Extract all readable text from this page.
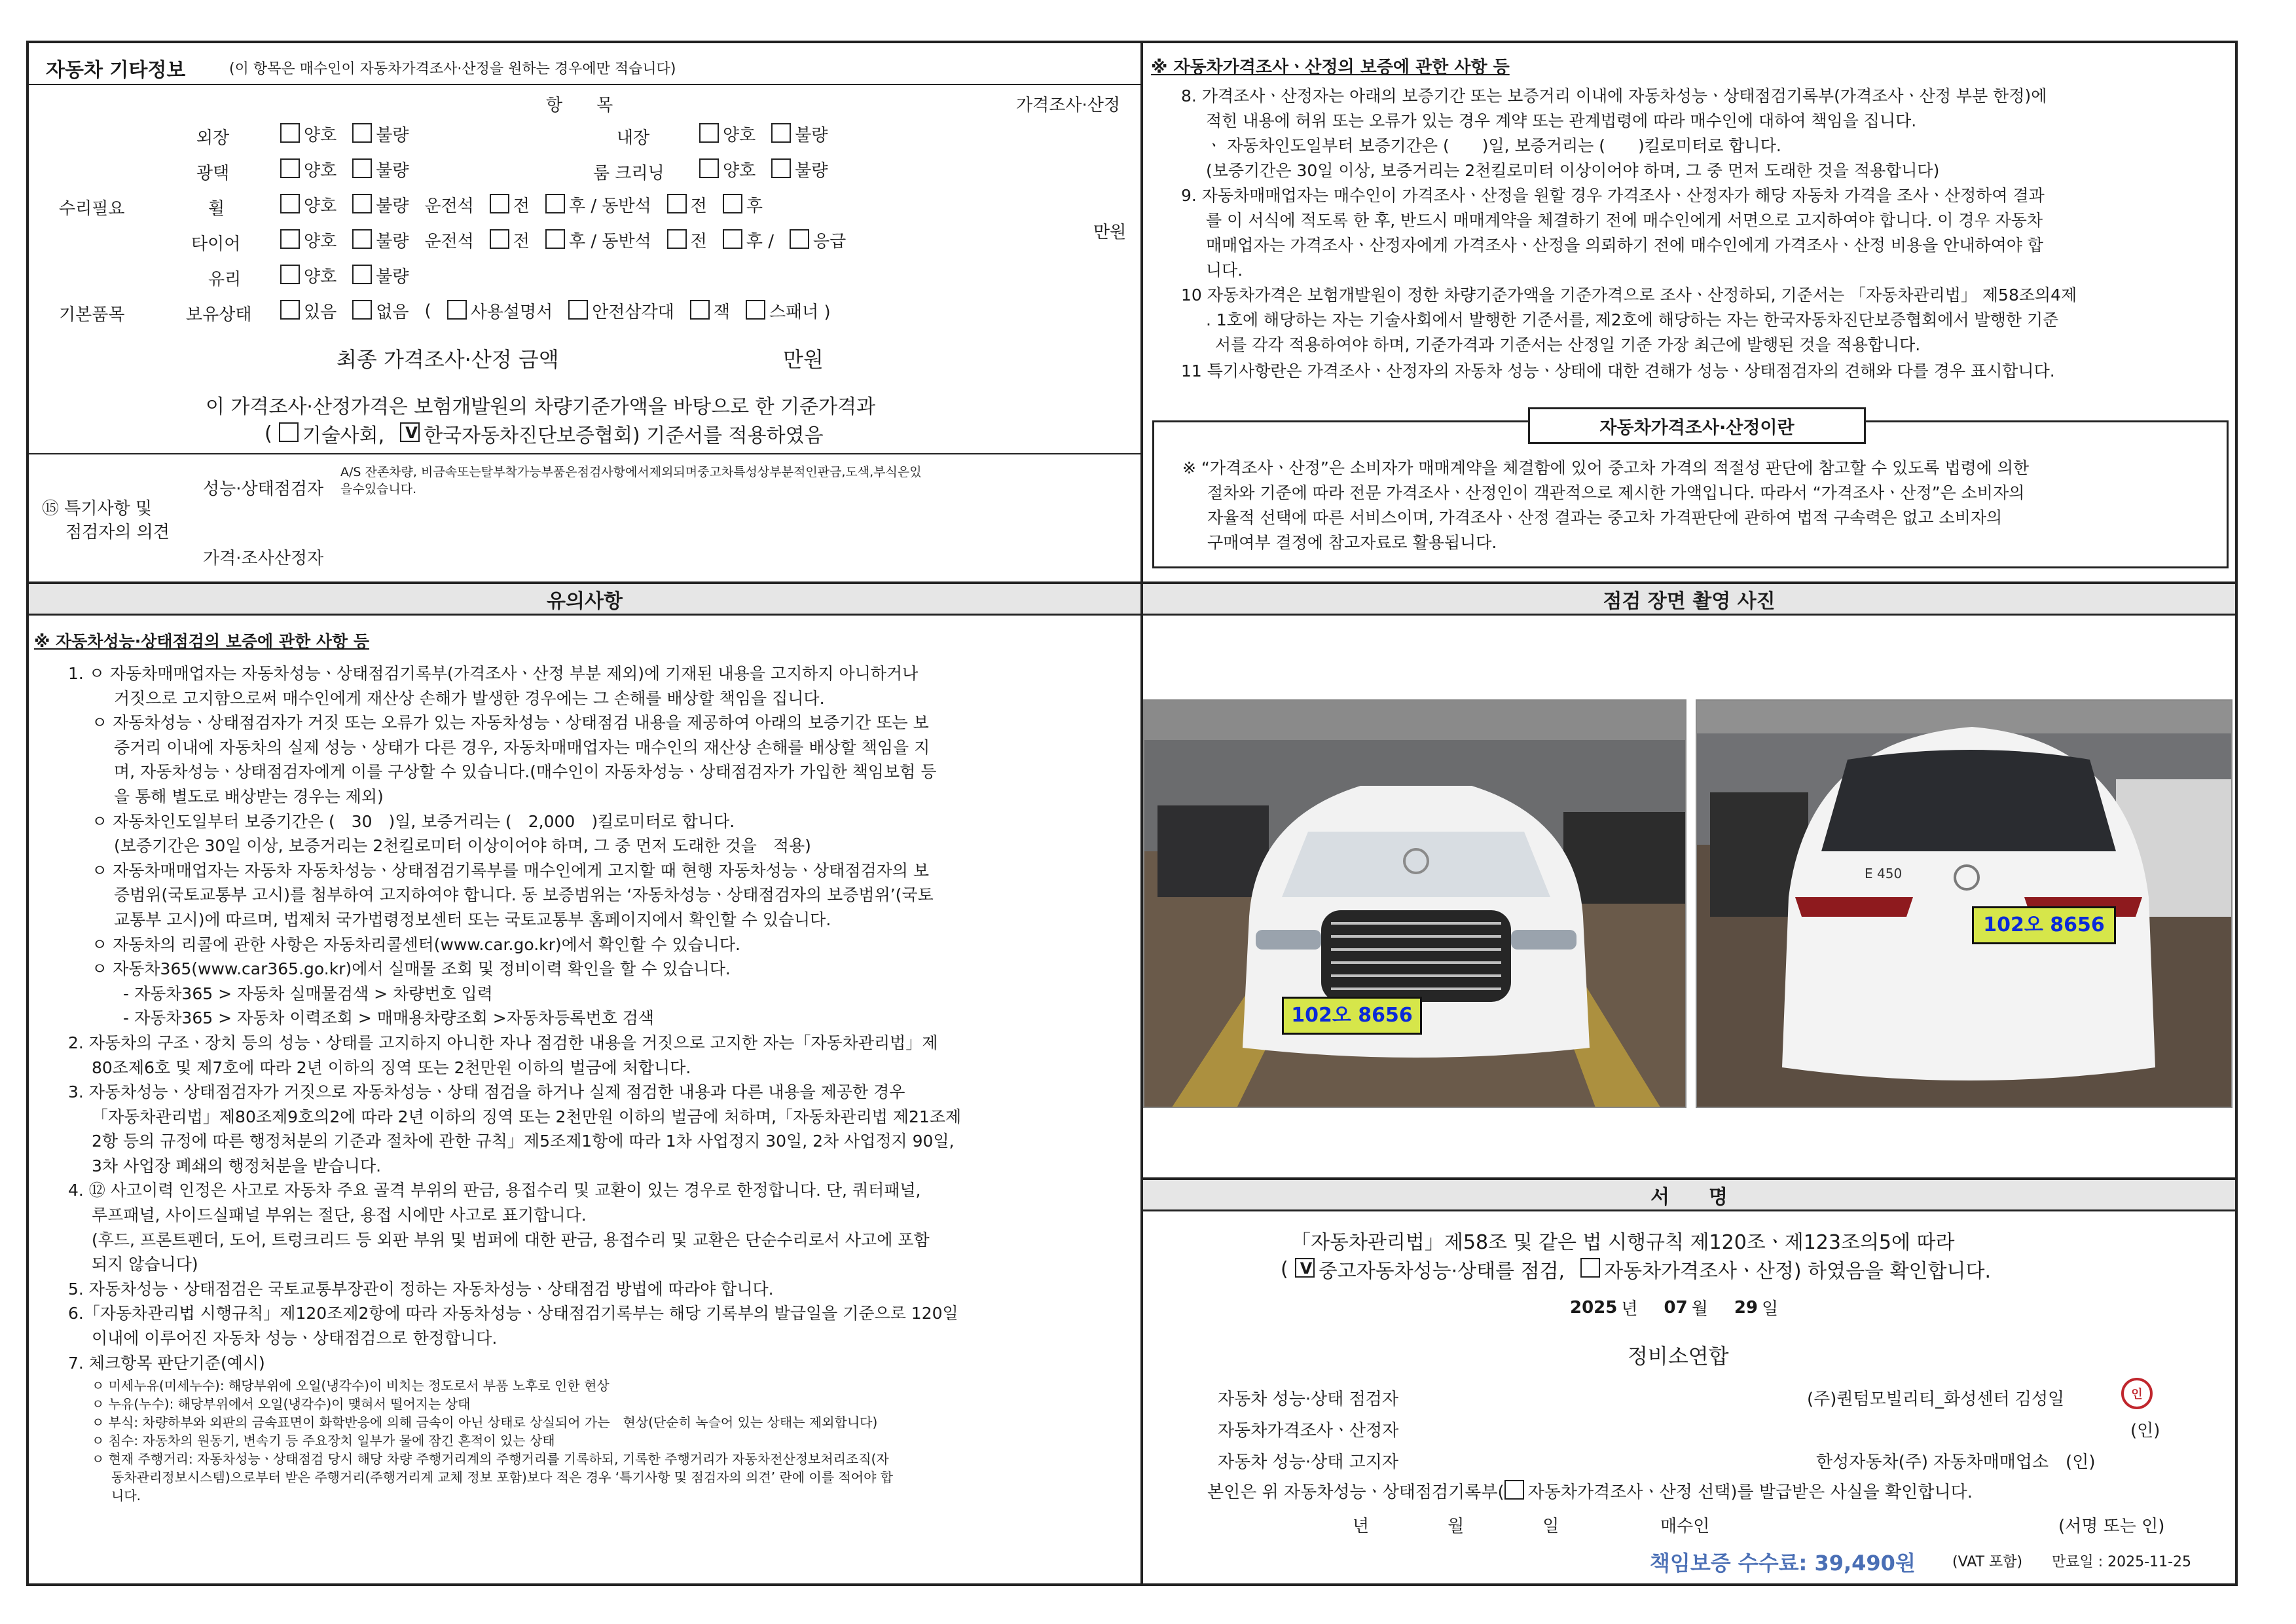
자동차 기타정보	(이 항목은 매수인이 자동차가격조사·산정을 원하는 경우에만 적습니다)
항　　목	가격조사·산정
외장	양호 불량	내장	양호 불량
광택	양호 불량	룸 크리닝	양호 불량
수리필요	휠	양호 불량 운전석 전 후 / 동반석 전 후
타이어	양호 불량 운전석 전 후 / 동반석 전 후 / 응급	만원
유리	양호 불량
기본품목	보유상태	있음 없음 ( 사용설명서 안전삼각대 잭 스패너 )
최종 가격조사·산정 금액	만원
이 가격조사·산정가격은 보험개발원의 차량기준가액을 바탕으로 한 기준가격과
( 기술사회, V 한국자동차진단보증협회) 기준서를 적용하였음
⑮ 특기사항 및
점검자의 의견
성능·상태점검자
A/S 잔존차량, 비금속또는탈부착가능부품은점검사항에서제외되며중고차특성상부분적인판금,도색,부식은있
을수있습니다.
가격·조사산정자
※ 자동차가격조사ㆍ산정의 보증에 관한 사항 등
8. 가격조사ㆍ산정자는 아래의 보증기간 또는 보증거리 이내에 자동차성능ㆍ상태점검기록부(가격조사ㆍ산정 부분 한정)에
적힌 내용에 허위 또는 오류가 있는 경우 계약 또는 관계법령에 따라 매수인에 대하여 책임을 집니다.
ㆍ 자동차인도일부터 보증기간은 (　　)일, 보증거리는 (　　)킬로미터로 합니다.
(보증기간은 30일 이상, 보증거리는 2천킬로미터 이상이어야 하며, 그 중 먼저 도래한 것을 적용합니다)
9. 자동차매매업자는 매수인이 가격조사ㆍ산정을 원할 경우 가격조사ㆍ산정자가 해당 자동차 가격을 조사ㆍ산정하여 결과
를 이 서식에 적도록 한 후, 반드시 매매계약을 체결하기 전에 매수인에게 서면으로 고지하여야 합니다. 이 경우 자동차
매매업자는 가격조사ㆍ산정자에게 가격조사ㆍ산정을 의뢰하기 전에 매수인에게 가격조사ㆍ산정 비용을 안내하여야 합
니다.
10 자동차가격은 보험개발원이 정한 차량기준가액을 기준가격으로 조사ㆍ산정하되, 기준서는 「자동차관리법」 제58조의4제
. 1호에 해당하는 자는 기술사회에서 발행한 기준서를, 제2호에 해당하는 자는 한국자동차진단보증협회에서 발행한 기준
서를 각각 적용하여야 하며, 기준가격과 기준서는 산정일 기준 가장 최근에 발행된 것을 적용합니다.
11 특기사항란은 가격조사ㆍ산정자의 자동차 성능ㆍ상태에 대한 견해가 성능ㆍ상태점검자의 견해와 다를 경우 표시합니다.
자동차가격조사·산정이란
※ “가격조사ㆍ산정”은 소비자가 매매계약을 체결함에 있어 중고차 가격의 적절성 판단에 참고할 수 있도록 법령에 의한
절차와 기준에 따라 전문 가격조사ㆍ산정인이 객관적으로 제시한 가액입니다. 따라서 “가격조사ㆍ산정”은 소비자의
자율적 선택에 따른 서비스이며, 가격조사ㆍ산정 결과는 중고차 가격판단에 관하여 법적 구속력은 없고 소비자의
구매여부 결정에 참고자료로 활용됩니다.
유의사항
※ 자동차성능·상태점검의 보증에 관한 사항 등
1. ㅇ 자동차매매업자는 자동차성능ㆍ상태점검기록부(가격조사ㆍ산정 부분 제외)에 기재된 내용을 고지하지 아니하거나
거짓으로 고지함으로써 매수인에게 재산상 손해가 발생한 경우에는 그 손해를 배상할 책임을 집니다.
ㅇ 자동차성능ㆍ상태점검자가 거짓 또는 오류가 있는 자동차성능ㆍ상태점검 내용을 제공하여 아래의 보증기간 또는 보
증거리 이내에 자동차의 실제 성능ㆍ상태가 다른 경우, 자동차매매업자는 매수인의 재산상 손해를 배상할 책임을 지
며, 자동차성능ㆍ상태점검자에게 이를 구상할 수 있습니다.(매수인이 자동차성능ㆍ상태점검자가 가입한 책임보험 등
을 통해 별도로 배상받는 경우는 제외)
ㅇ 자동차인도일부터 보증기간은 (　30　)일, 보증거리는 (　2,000　)킬로미터로 합니다.
(보증기간은 30일 이상, 보증거리는 2천킬로미터 이상이어야 하며, 그 중 먼저 도래한 것을　적용)
ㅇ 자동차매매업자는 자동차 자동차성능ㆍ상태점검기록부를 매수인에게 고지할 때 현행 자동차성능ㆍ상태점검자의 보
증범위(국토교통부 고시)를 첨부하여 고지하여야 합니다. 동 보증범위는 ‘자동차성능ㆍ상태점검자의 보증범위’(국토
교통부 고시)에 따르며, 법제처 국가법령정보센터 또는 국토교통부 홈페이지에서 확인할 수 있습니다.
ㅇ 자동차의 리콜에 관한 사항은 자동차리콜센터(www.car.go.kr)에서 확인할 수 있습니다.
ㅇ 자동차365(www.car365.go.kr)에서 실매물 조회 및 정비이력 확인을 할 수 있습니다.
- 자동차365 > 자동차 실매물검색 > 차량번호 입력
- 자동차365 > 자동차 이력조회 > 매매용차량조회 >자동차등록번호 검색
2. 자동차의 구조ㆍ장치 등의 성능ㆍ상태를 고지하지 아니한 자나 점검한 내용을 거짓으로 고지한 자는「자동차관리법」제
80조제6호 및 제7호에 따라 2년 이하의 징역 또는 2천만원 이하의 벌금에 처합니다.
3. 자동차성능ㆍ상태점검자가 거짓으로 자동차성능ㆍ상태 점검을 하거나 실제 점검한 내용과 다른 내용을 제공한 경우
「자동차관리법」제80조제9호의2에 따라 2년 이하의 징역 또는 2천만원 이하의 벌금에 처하며,「자동차관리법 제21조제
2항 등의 규정에 따른 행정처분의 기준과 절차에 관한 규칙」제5조제1항에 따라 1차 사업정지 30일, 2차 사업정지 90일,
3차 사업장 폐쇄의 행정처분을 받습니다.
4. ⑫ 사고이력 인정은 사고로 자동차 주요 골격 부위의 판금, 용접수리 및 교환이 있는 경우로 한정합니다. 단, 쿼터패널,
루프패널, 사이드실패널 부위는 절단, 용접 시에만 사고로 표기합니다.
(후드, 프론트펜더, 도어, 트렁크리드 등 외판 부위 및 범퍼에 대한 판금, 용접수리 및 교환은 단순수리로서 사고에 포함
되지 않습니다)
5. 자동차성능ㆍ상태점검은 국토교통부장관이 정하는 자동차성능ㆍ상태점검 방법에 따라야 합니다.
6.「자동차관리법 시행규칙」제120조제2항에 따라 자동차성능ㆍ상태점검기록부는 해당 기록부의 발급일을 기준으로 120일
이내에 이루어진 자동차 성능ㆍ상태점검으로 한정합니다.
7. 체크항목 판단기준(예시)
ㅇ 미세누유(미세누수): 해당부위에 오일(냉각수)이 비치는 정도로서 부품 노후로 인한 현상
ㅇ 누유(누수): 해당부위에서 오일(냉각수)이 맺혀서 떨어지는 상태
ㅇ 부식: 차량하부와 외판의 금속표면이 화학반응에 의해 금속이 아닌 상태로 상실되어 가는　현상(단순히 녹슬어 있는 상태는 제외합니다)
ㅇ 침수: 자동차의 원동기, 변속기 등 주요장치 일부가 물에 잠긴 흔적이 있는 상태
ㅇ 현재 주행거리: 자동차성능ㆍ상태점검 당시 해당 차량 주행거리계의 주행거리를 기록하되, 기록한 주행거리가 자동차전산정보처리조직(자
동차관리정보시스템)으로부터 받은 주행거리(주행거리계 교체 정보 포함)보다 적은 경우 ‘특기사항 및 점검자의 의견’ 란에 이를 적어야 합
니다.
점검 장면 촬영 사진
102오 8656
E 450
102오 8656
서　　명
「자동차관리법」제58조 및 같은 법 시행규칙 제120조ㆍ제123조의5에 따라
( V 중고자동차성능·상태를 점검, 자동차가격조사ㆍ산정) 하였음을 확인합니다.
2025 년 07 월 29 일
정비소연합
자동차 성능·상태 점검자	(주)퀀텀모빌리티_화성센터 김성일	인
자동차가격조사ㆍ산정자	(인)
자동차 성능·상태 고지자	한성자동차(주) 자동차매매업소　(인)
본인은 위 자동차성능ㆍ상태점검기록부( 자동차가격조사ㆍ산정 선택)를 발급받은 사실을 확인합니다.
년	월	일	매수인	(서명 또는 인)
책임보증 수수료: 39,490원	(VAT 포함) 만료일 : 2025-11-25
